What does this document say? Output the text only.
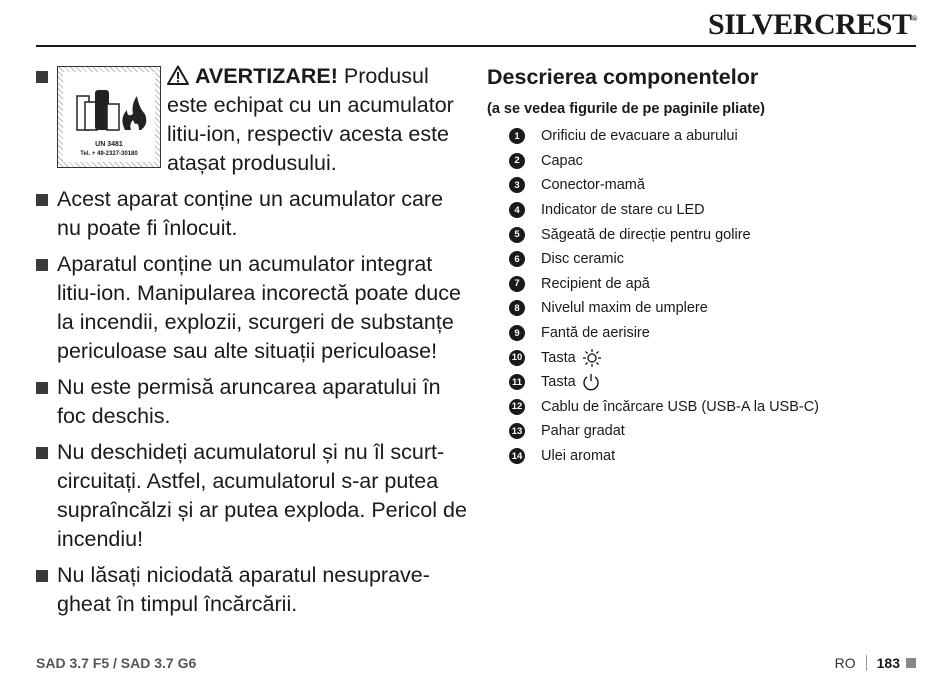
SILVERCREST®
UN 3481
Tel. + 49-2327-30180
AVERTIZARE! Produsul este echipat cu un acumulator litiu-ion, respectiv acesta este atașat produsului.
Acest aparat conține un acumulator care nu poate fi înlocuit.
Aparatul conține un acumulator integrat litiu-ion. Manipularea incorectă poate duce la incendii, explozii, scurgeri de substanțe periculoase sau alte situații periculoase!
Nu este permisă aruncarea aparatului în foc deschis.
Nu deschideți acumulatorul și nu îl scurt-circuitați. Astfel, acumulatorul s-ar putea supraîncălzi și ar putea exploda. Pericol de incendiu!
Nu lăsați niciodată aparatul nesuprave-gheat în timpul încărcării.
Descrierea componentelor
(a se vedea figurile de pe paginile pliate)
1	Orificiu de evacuare a aburului
2	Capac
3	Conector-mamă
4	Indicator de stare cu LED
5	Săgeată de direcție pentru golire
6	Disc ceramic
7	Recipient de apă
8	Nivelul maxim de umplere
9	Fantă de aerisire
10 Tasta
11 Tasta
12 Cablu de încărcare USB (USB-A la USB-C)
13 Pahar gradat
14 Ulei aromat
SAD 3.7 F5 / SAD 3.7 G6	RO 183
